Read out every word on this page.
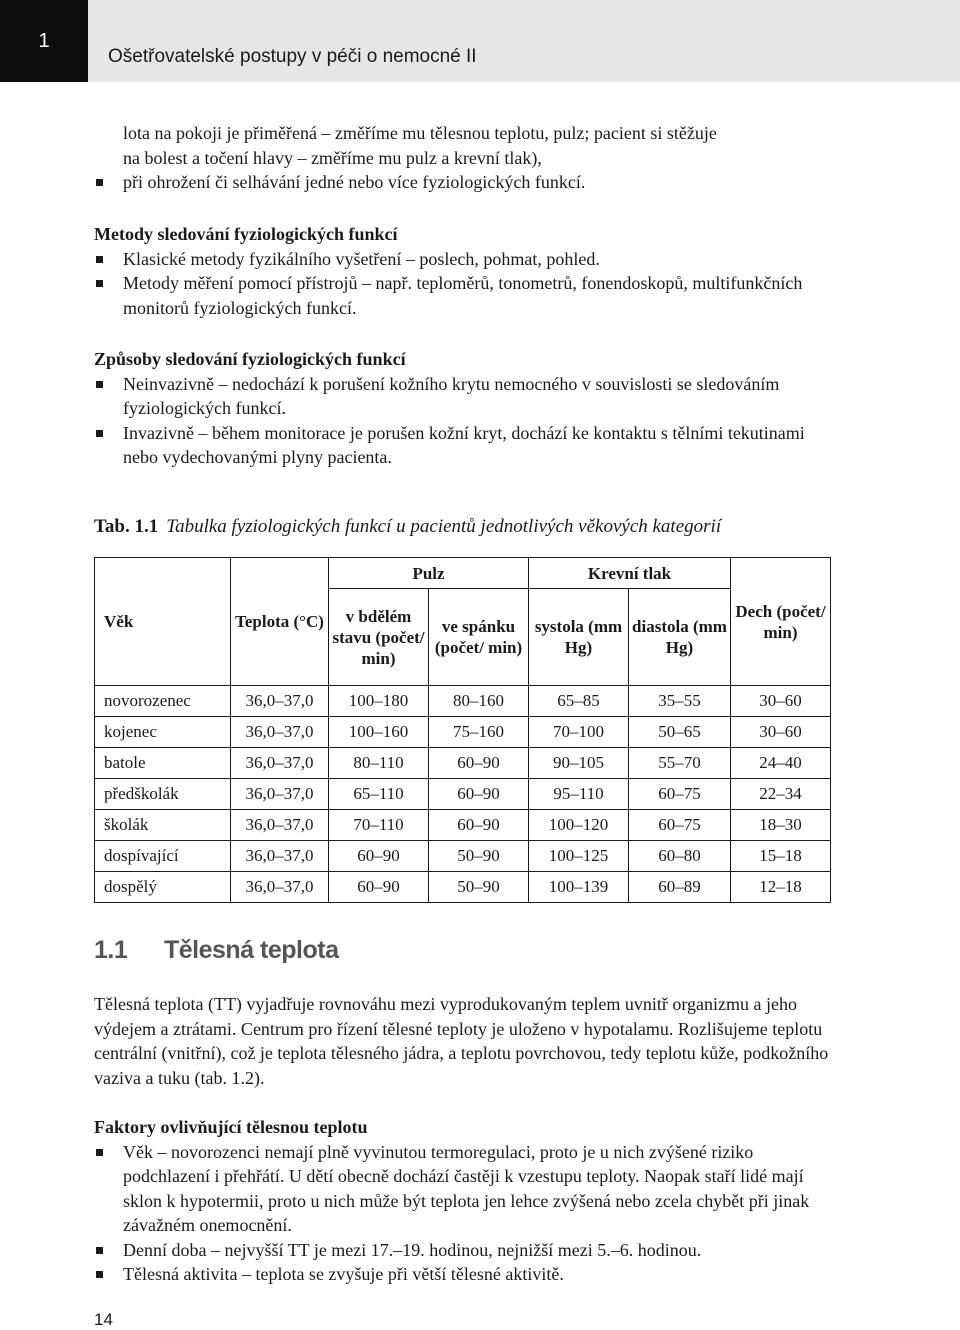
1
Ošetřovatelské postupy v péči o nemocné II
lota na pokoji je přiměřená – změříme mu tělesnou teplotu, pulz; pacient si stěžuje
na bolest a točení hlavy – změříme mu pulz a krevní tlak),
při ohrožení či selhávání jedné nebo více fyziologických funkcí.
Metody sledování fyziologických funkcí
Klasické metody fyzikálního vyšetření – poslech, pohmat, pohled.
Metody měření pomocí přístrojů – např. teploměrů, tonometrů, fonendoskopů, multifunkčních monitorů fyziologických funkcí.
Způsoby sledování fyziologických funkcí
Neinvazivně – nedochází k porušení kožního krytu nemocného v souvislosti se sledováním fyziologických funkcí.
Invazivně – během monitorace je porušen kožní kryt, dochází ke kontaktu s tělními tekutinami nebo vydechovanými plyny pacienta.
Tab. 1.1 Tabulka fyziologických funkcí u pacientů jednotlivých věkových kategorií
Věk	Teplota (°C)	Pulz		Krevní tlak		Dech (počet/ min)
		v bdělém stavu (počet/ min)	ve spánku (počet/ min)	systola (mm Hg)	diastola (mm Hg)	
novorozenec	36,0–37,0	100–180	80–160	65–85	35–55	30–60
kojenec	36,0–37,0	100–160	75–160	70–100	50–65	30–60
batole	36,0–37,0	80–110	60–90	90–105	55–70	24–40
předškolák	36,0–37,0	65–110	60–90	95–110	60–75	22–34
školák	36,0–37,0	70–110	60–90	100–120	60–75	18–30
dospívající	36,0–37,0	60–90	50–90	100–125	60–80	15–18
dospělý	36,0–37,0	60–90	50–90	100–139	60–89	12–18
1.1 Tělesná teplota
Tělesná teplota (TT) vyjadřuje rovnováhu mezi vyprodukovaným teplem uvnitř organizmu a jeho výdejem a ztrátami. Centrum pro řízení tělesné teploty je uloženo v hypotalamu. Rozlišujeme teplotu centrální (vnitřní), což je teplota tělesného jádra, a teplotu povrchovou, tedy teplotu kůže, podkožního vaziva a tuku (tab. 1.2).
Faktory ovlivňující tělesnou teplotu
Věk – novorozenci nemají plně vyvinutou termoregulaci, proto je u nich zvýšené riziko podchlazení i přehřátí. U dětí obecně dochází častěji k vzestupu teploty. Naopak staří lidé mají sklon k hypotermii, proto u nich může být teplota jen lehce zvýšená nebo zcela chybět při jinak závažném onemocnění.
Denní doba – nejvyšší TT je mezi 17.–19. hodinou, nejnižší mezi 5.–6. hodinou.
Tělesná aktivita – teplota se zvyšuje při větší tělesné aktivitě.
14
